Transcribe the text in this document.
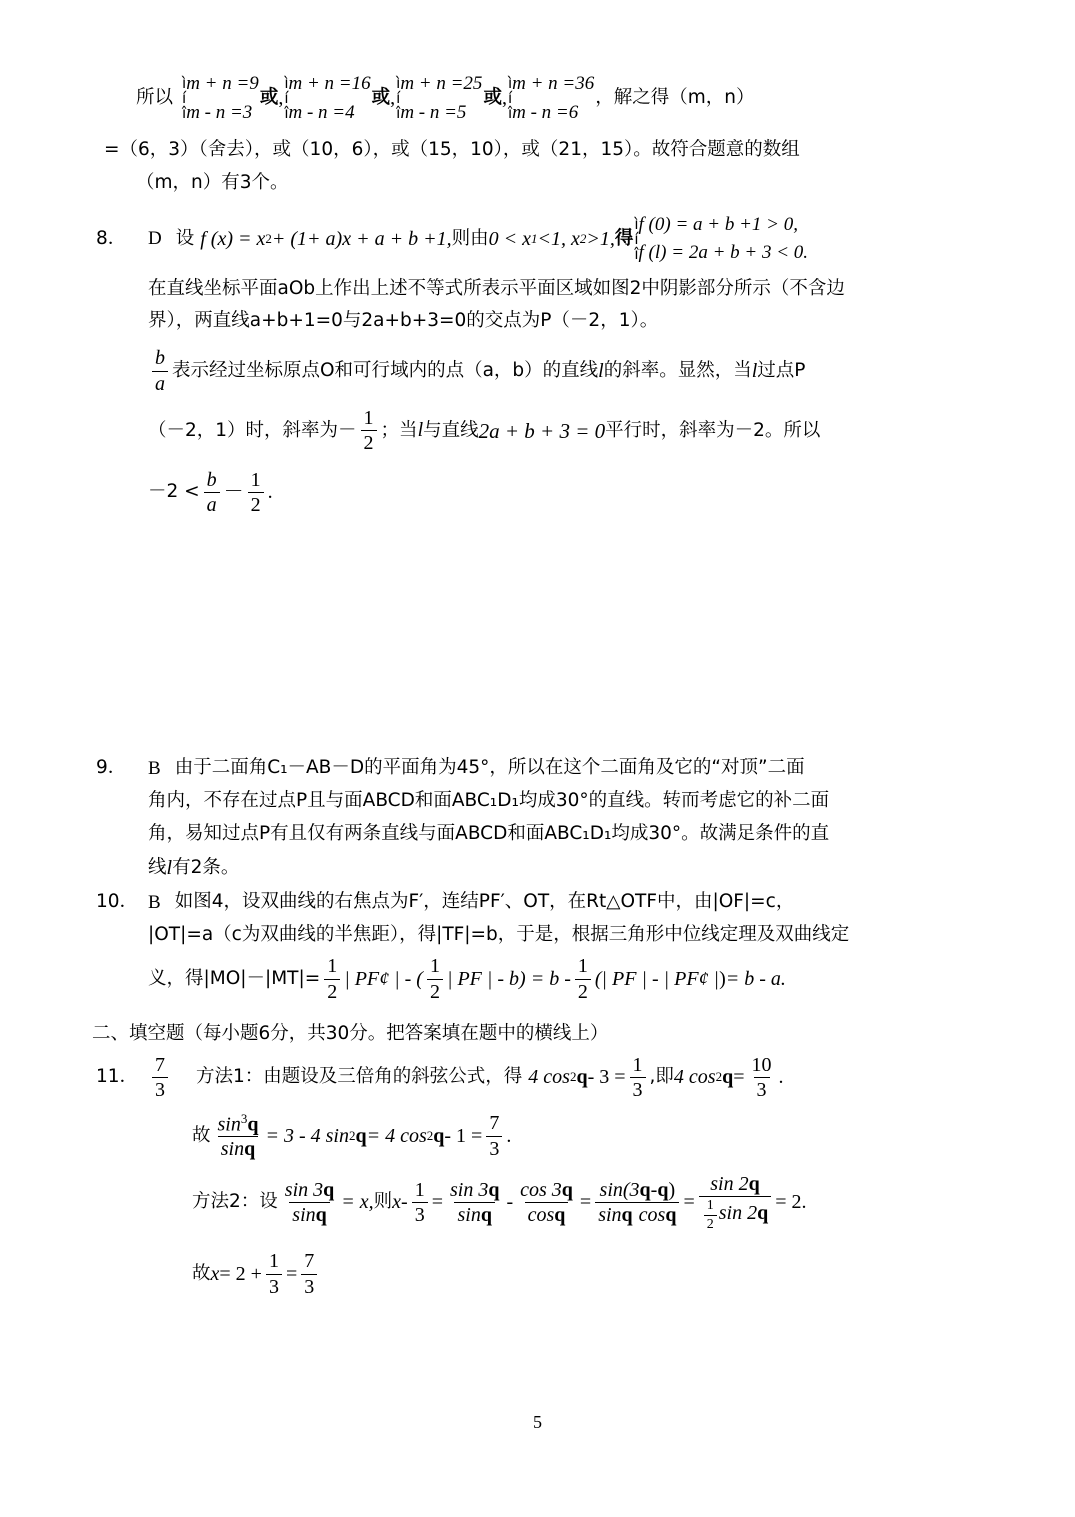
所以
ì
í
î
m + n =9
m - n =3
或 ,
ì
í
î
m + n =16
m - n =4
或 ,
ì
í
î
m + n =25
m - n =5
或 ,
ì
í
î
m + n =36
m - n =6
，解之得（m，n）
=（6，3）（舍去），或（10，6），或（15，10），或（21，15）。故符合题意的数组
（m，n）有3个。
8．	D 设 f (x) = x 2 + (1+ a)x + a + b +1, 则由 0 < x 1 <1, x 2 >1, 得
ì
í
î
f (0) = a + b +1 > 0,
f (l) = 2a + b + 3 < 0.
在直线坐标平面aOb上作出上述不等式所表示平面区域如图2中阴影部分所示（不含边
界），两直线a+b+1=0与2a+b+3=0的交点为P（－2，1）。
$\frac{b}{a}$ 表示经过坐标原点O和可行域内的点（a，b）的直线 l 的斜率。显然，当 l 过点P
（－2，1）时，斜率为－ $\frac{1}{2}$ ；当 l 与直线 2a + b + 3 = 0 平行时，斜率为－2。所以
$-2 < \frac{b}{a} - \frac{1}{2}$ .
9．	B 由于二面角C₁－AB－D的平面角为45°，所以在这个二面角及它的“对顶”二面
角内，不存在过点P且与面ABCD和面ABC₁D₁均成30°的直线。转而考虑它的补二面
角，易知过点P有且仅有两条直线与面ABCD和面ABC₁D₁均成30°。故满足条件的直
线 l 有2条。
10． B 如图4，设双曲线的右焦点为F′，连结PF′、OT，在Rt△OTF中，由|OF|=c，
|OT|=a（c为双曲线的半焦距），得|TF|=b，于是，根据三角形中位线定理及双曲线定
义，得$|MO|-|MT|= \frac{1}{2}$ | PF¢ | - ( $\frac{1}{2}$ | PF | - $b) = b - \frac{1}{2}$ (| PF | - | PF¢ | ) = b - a.
二、填空题（每小题6分，共30分。把答案填在题中的横线上）
11． $\frac{7}{3}$ 方法1：由题设及三倍角的斜弦公式，得 4 cos 2 $q - 3 = \frac{1}{3}$ ,即 4 cos 2 $q = \frac{10}{3}$ .
故 $\frac{\sin^3q}{\sin q} = 3 - 4$ sin 2 q = 4 cos 2 $q - 1 = \frac{7}{3}$ .
方法2：设 $\frac{\sin 3q}{\sin q} = x$, 则 $x - \frac{1}{3} = \frac{\sin 3q}{\sin q} - \frac{\cos 3q}{\cos q} = \frac{\sin(3q-q)}{\text{sinq cosq}} = \frac{\sin 2q}{\frac{1}{2} \sin 2q} = 2$.
故 $x = 2 + \frac{1}{3} = \frac{7}{3}$
5
